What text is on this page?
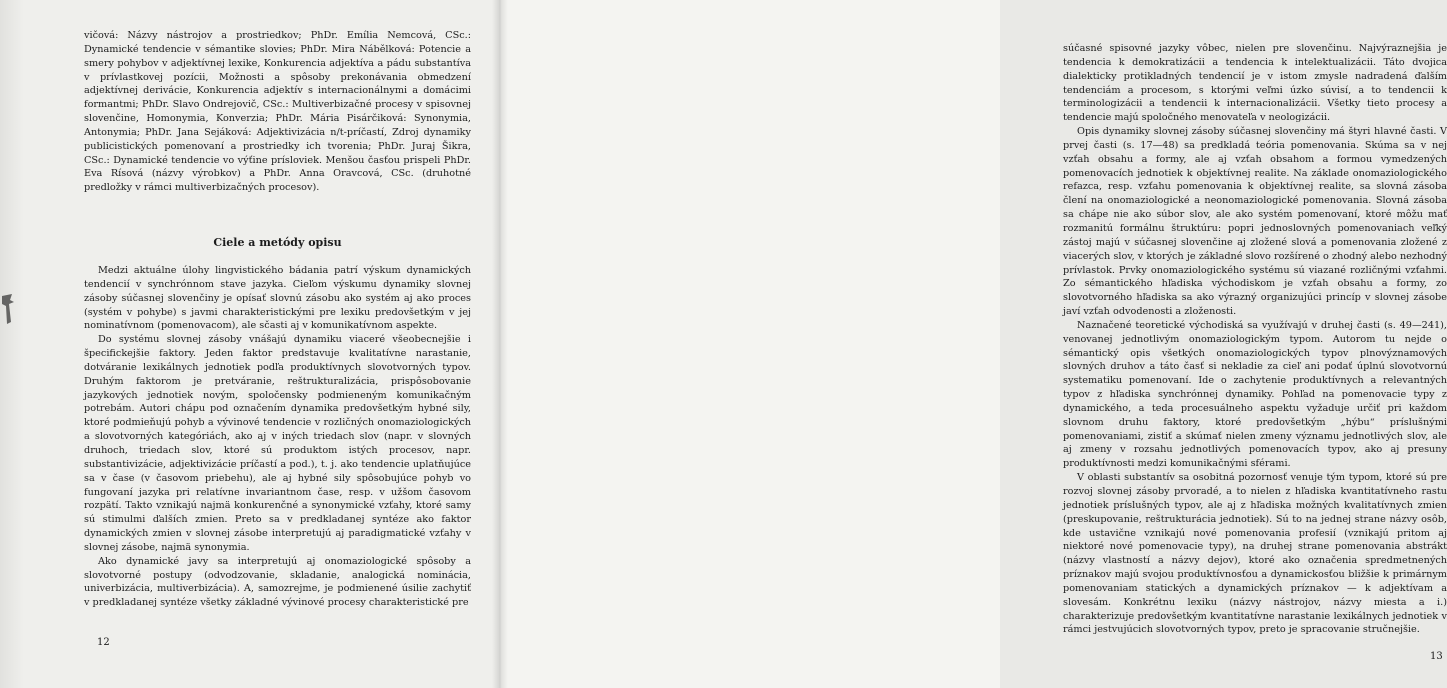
vičová: Názvy nástrojov a prostriedkov; PhDr. Emília Nemcová, CSc.: Dynamické tendencie v sémantike slovies; PhDr. Mira Nábělková: Potencie a smery pohybov v adjektívnej lexike, Konkurencia adjektíva a pádu substantíva v prívlastkovej pozícii, Možnosti a spôsoby prekonávania obmedzení adjektívnej derivácie, Konkurencia adjektív s internacionálnymi a domácimi formantmi; PhDr. Slavo Ondrejovič, CSc.: Multiverbizačné procesy v spisovnej slovenčine, Homonymia, Konverzia; PhDr. Mária Pisárčiková: Synonymia, Antonymia; PhDr. Jana Sejáková: Adjektivizácia n/t-príčastí, Zdroj dynamiky publicistických pomenovaní a prostriedky ich tvorenia; PhDr. Juraj Šikra, CSc.: Dynamické tendencie vo výťine prísloviek. Menšou časťou prispeli PhDr. Eva Rísová (názvy výrobkov) a PhDr. Anna Oravcová, CSc. (druhotné predložky v rámci multiverbizačných procesov).

Ciele a metódy opisu

Medzi aktuálne úlohy lingvistického bádania patrí výskum dynamických tendencií v synchrónnom stave jazyka. Cieľom výskumu dynamiky slovnej zásoby súčasnej slovenčiny je opísať slovnú zásobu ako systém aj ako proces (systém v pohybe) s javmi charakteristickými pre lexiku predovšetkým v jej nominatívnom (pomenovacom), ale sčasti aj v komunikatívnom aspekte.

Do systému slovnej zásoby vnášajú dynamiku viaceré všeobecnejšie i špecifickejšie faktory. Jeden faktor predstavuje kvalitatívne narastanie, dotváranie lexikálnych jednotiek podľa produktívnych slovotvorných typov. Druhým faktorom je pretváranie, reštrukturalizácia, prispôsobovanie jazykových jednotiek novým, spoločensky podmieneným komunikačným potrebám. Autori chápu pod označením dynamika predovšetkým hybné sily, ktoré podmieňujú pohyb a vývinové tendencie v rozličných onomaziologických a slovotvorných kategóriách, ako aj v iných triedach slov (napr. v slovných druhoch, triedach slov, ktoré sú produktom istých procesov, napr. substantivizácie, adjektivizácie príčastí a pod.), t. j. ako tendencie uplatňujúce sa v čase (v časovom priebehu), ale aj hybné sily spôsobujúce pohyb vo fungovaní jazyka pri relatívne invariantnom čase, resp. v užšom časovom rozpätí. Takto vznikajú najmä konkurenčné a synonymické vzťahy, ktoré samy sú stimulmi ďalších zmien. Preto sa v predkladanej syntéze ako faktor dynamických zmien v slovnej zásobe interpretujú aj paradigmatické vzťahy v slovnej zásobe, najmä synonymia.

Ako dynamické javy sa interpretujú aj onomaziologické spôsoby a slovotvorné postupy (odvodzovanie, skladanie, analogická nominácia, univerbizácia, multiverbizácia). A, samozrejme, je podmienené úsilie zachytiť v predkladanej syntéze všetky základné vývinové procesy charakteristické pre

12

súčasné spisovné jazyky vôbec, nielen pre slovenčinu. Najvýraznejšia je tendencia k demokratizácii a tendencia k intelektualizácii. Táto dvojica dialekticky protikladných tendencií je v istom zmysle nadradená ďalším tendenciám a procesom, s ktorými veľmi úzko súvisí, a to tendencii k terminologizácii a tendencii k internacionalizácii. Všetky tieto procesy a tendencie majú spoločného menovateľa v neologizácii.

Opis dynamiky slovnej zásoby súčasnej slovenčiny má štyri hlavné časti. V prvej časti (s. 17—48) sa predkladá teória pomenovania. Skúma sa v nej vzťah obsahu a formy, ale aj vzťah obsahom a formou vymedzených pomenovacích jednotiek k objektívnej realite. Na základe onomaziologického refazca, resp. vzťahu pomenovania k objektívnej realite, sa slovná zásoba člení na onomaziologické a neonomaziologické pomenovania. Slovná zásoba sa chápe nie ako súbor slov, ale ako systém pomenovaní, ktoré môžu mať rozmanitú formálnu štruktúru: popri jednoslovných pomenovaniach veľký zástoj majú v súčasnej slovenčine aj zložené slová a pomenovania zložené z viacerých slov, v ktorých je základné slovo rozšírené o zhodný alebo nezhodný prívlastok. Prvky onomaziologického systému sú viazané rozličnými vzťahmi. Zo sémantického hľadiska východiskom je vzťah obsahu a formy, zo slovotvorného hľadiska sa ako výrazný organizujúci princíp v slovnej zásobe javí vzťah odvodenosti a zloženosti.

Naznačené teoretické východiská sa využívajú v druhej časti (s. 49—241), venovanej jednotlivým onomaziologickým typom. Autorom tu nejde o sémantický opis všetkých onomaziologických typov plnovýznamových slovných druhov a táto časť si nekladie za cieľ ani podať úplnú slovotvornú systematiku pomenovaní. Ide o zachytenie produktívnych a relevantných typov z hľadiska synchrónnej dynamiky. Pohľad na pomenovacie typy z dynamického, a teda procesuálneho aspektu vyžaduje určiť pri každom slovnom druhu faktory, ktoré predovšetkým „hýbu“ príslušnými pomenovaniami, zistiť a skúmať nielen zmeny významu jednotlivých slov, ale aj zmeny v rozsahu jednotlivých pomenovacích typov, ako aj presuny produktívnosti medzi komunikačnými sférami.

V oblasti substantív sa osobitná pozornosť venuje tým typom, ktoré sú pre rozvoj slovnej zásoby prvoradé, a to nielen z hľadiska kvantitatívneho rastu jednotiek príslušných typov, ale aj z hľadiska možných kvalitatívnych zmien (preskupovanie, reštrukturácia jednotiek). Sú to na jednej strane názvy osôb, kde ustavične vznikajú nové pomenovania profesií (vznikajú pritom aj niektoré nové pomenovacie typy), na druhej strane pomenovania abstrákt (názvy vlastností a názvy dejov), ktoré ako označenia spredmetnených príznakov majú svojou produktívnosťou a dynamickosťou bližšie k primárnym pomenovaniam statických a dynamických príznakov — k adjektívam a slovesám. Konkrétnu lexiku (názvy nástrojov, názvy miesta a i.) charakterizuje predovšetkým kvantitatívne narastanie lexikálnych jednotiek v rámci jestvujúcich slovotvorných typov, preto je spracovanie stručnejšie.

13
